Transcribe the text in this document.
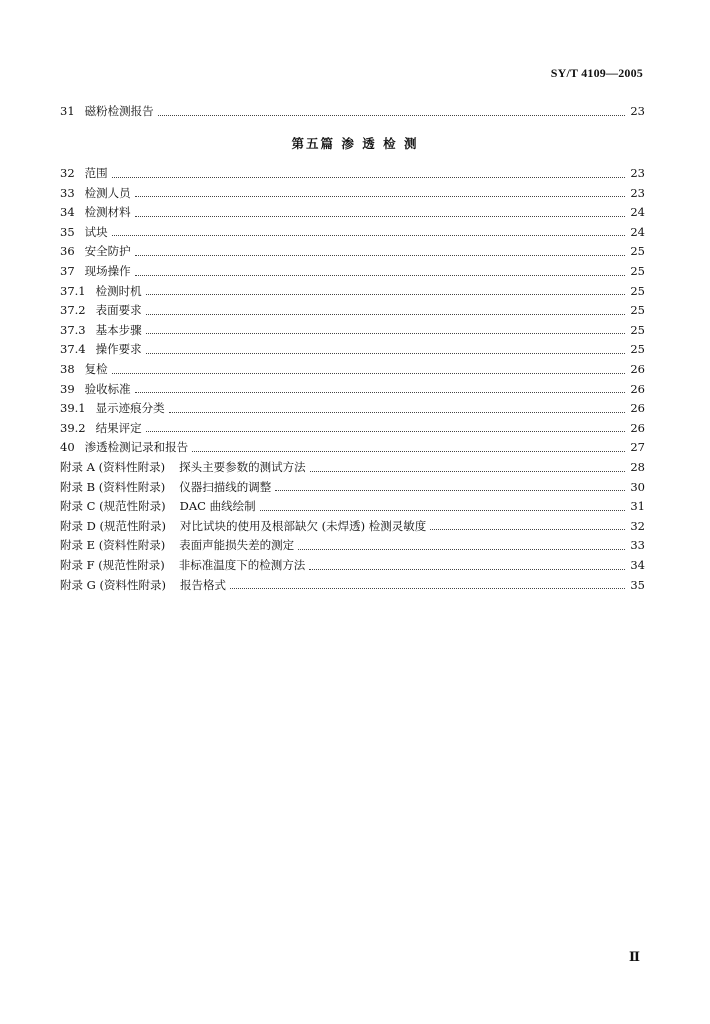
SY/T 4109—2005
31 磁粉检测报告	23
第五篇 渗 透 检 测
32 范围	23
33 检测人员	23
34 检测材料	24
35 试块	24
36 安全防护	25
37 现场操作	25
37.1 检测时机	25
37.2 表面要求	25
37.3 基本步骤	25
37.4 操作要求	25
38 复检	26
39 验收标准	26
39.1 显示迹痕分类	26
39.2 结果评定	26
40 渗透检测记录和报告	27
附录 A (资料性附录)	探头主要参数的测试方法	28
附录 B (资料性附录)	仪器扫描线的调整	30
附录 C (规范性附录)	DAC 曲线绘制	31
附录 D (规范性附录)	对比试块的使用及根部缺欠 (未焊透) 检测灵敏度	32
附录 E (资料性附录)	表面声能损失差的测定	33
附录 F (规范性附录)	非标准温度下的检测方法	34
附录 G (资料性附录)	报告格式	35
Ⅱ
